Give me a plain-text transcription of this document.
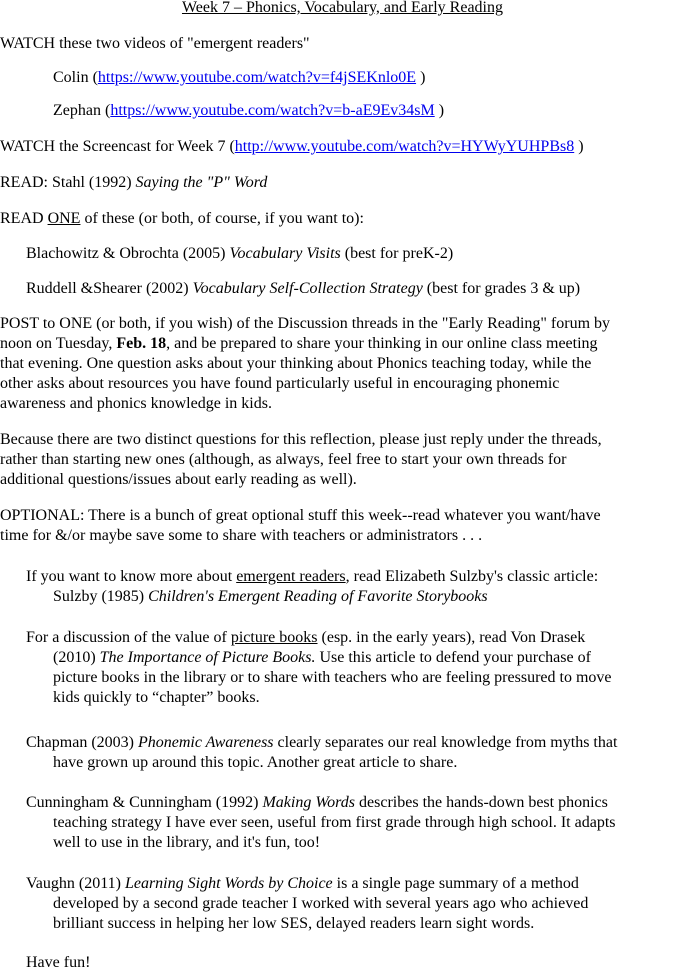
Week 7 – Phonics, Vocabulary, and Early Reading
WATCH these two videos of "emergent readers"
Colin (https://www.youtube.com/watch?v=f4jSEKnlo0E )
Zephan (https://www.youtube.com/watch?v=b-aE9Ev34sM )
WATCH the Screencast for Week 7 (http://www.youtube.com/watch?v=HYWyYUHPBs8 )
READ: Stahl (1992) Saying the "P" Word
READ ONE of these (or both, of course, if you want to):
Blachowitz & Obrochta (2005) Vocabulary Visits (best for preK-2)
Ruddell &Shearer (2002) Vocabulary Self-Collection Strategy (best for grades 3 & up)
POST to ONE (or both, if you wish) of the Discussion threads in the "Early Reading" forum by
noon on Tuesday, Feb. 18, and be prepared to share your thinking in our online class meeting
that evening. One question asks about your thinking about Phonics teaching today, while the
other asks about resources you have found particularly useful in encouraging phonemic
awareness and phonics knowledge in kids.
Because there are two distinct questions for this reflection, please just reply under the threads,
rather than starting new ones (although, as always, feel free to start your own threads for
additional questions/issues about early reading as well).
OPTIONAL: There is a bunch of great optional stuff this week--read whatever you want/have
time for &/or maybe save some to share with teachers or administrators . . .
If you want to know more about emergent readers, read Elizabeth Sulzby's classic article:
Sulzby (1985) Children's Emergent Reading of Favorite Storybooks
For a discussion of the value of picture books (esp. in the early years), read Von Drasek
(2010) The Importance of Picture Books. Use this article to defend your purchase of
picture books in the library or to share with teachers who are feeling pressured to move
kids quickly to “chapter” books.
Chapman (2003) Phonemic Awareness clearly separates our real knowledge from myths that
have grown up around this topic. Another great article to share.
Cunningham & Cunningham (1992) Making Words describes the hands-down best phonics
teaching strategy I have ever seen, useful from first grade through high school. It adapts
well to use in the library, and it's fun, too!
Vaughn (2011) Learning Sight Words by Choice is a single page summary of a method
developed by a second grade teacher I worked with several years ago who achieved
brilliant success in helping her low SES, delayed readers learn sight words.
Have fun!
